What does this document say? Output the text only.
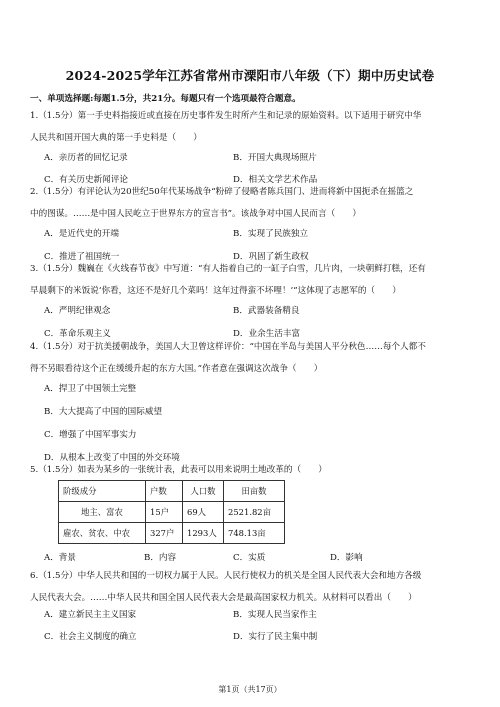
2024-2025学年江苏省常州市溧阳市八年级（下）期中历史试卷
一、单项选择题:每题1.5分，共21分。每题只有一个选项最符合题意。
1.（1.5分）第一手史料指接近或直接在历史事件发生时所产生和记录的原始资料。以下适用于研究中华
人民共和国开国大典的第一手史料是（　　）
A．亲历者的回忆记录	B．开国大典现场照片
C．有关历史新闻评论	D．相关文学艺术作品
2.（1.5分）有评论认为20世纪50年代某场战争“粉碎了侵略者陈兵国门、进而将新中国扼杀在摇篮之
中的图谋。……是中国人民屹立于世界东方的宣言书”。该战争对中国人民而言（　　）
A．是近代史的开端	B．实现了民族独立
C．推进了祖国统一	D．巩固了新生政权
3.（1.5分）魏巍在《火线春节夜》中写道：“有人指着自己的一缸子白雪，几片肉，一块朝鲜打糕，还有
早晨剩下的米饭说‘你看，这还不是好几个菜吗！这年过得蛮不坏哩！’”这体现了志愿军的（　　）
A．严明纪律观念	B．武器装备精良
C．革命乐观主义	D．业余生活丰富
4.（1.5分）对于抗美援朝战争，美国人大卫曾这样评价：“中国在半岛与美国人平分秋色……每个人都不
得不另眼看待这个正在缓缓升起的东方大国。”作者意在强调这次战争（　　）
A．捍卫了中国领土完整
B．大大提高了中国的国际威望
C．增强了中国军事实力
D．从根本上改变了中国的外交环境
5.（1.5分）如表为某乡的一张统计表，此表可以用来说明土地改革的（　　）
阶级成分	户数	人口数	田亩数
地主、富农	15户	69人	2521.82亩
雇农、贫农、中农	327户	1293人	748.13亩
A．背景	B．内容	C．实质	D．影响
6.（1.5分）中华人民共和国的一切权力属于人民。人民行使权力的机关是全国人民代表大会和地方各级
人民代表大会。……中华人民共和国全国人民代表大会是最高国家权力机关。从材料可以看出（　　）
A．建立新民主主义国家	B．实现人民当家作主
C．社会主义制度的确立	D．实行了民主集中制
第1页（共17页）
